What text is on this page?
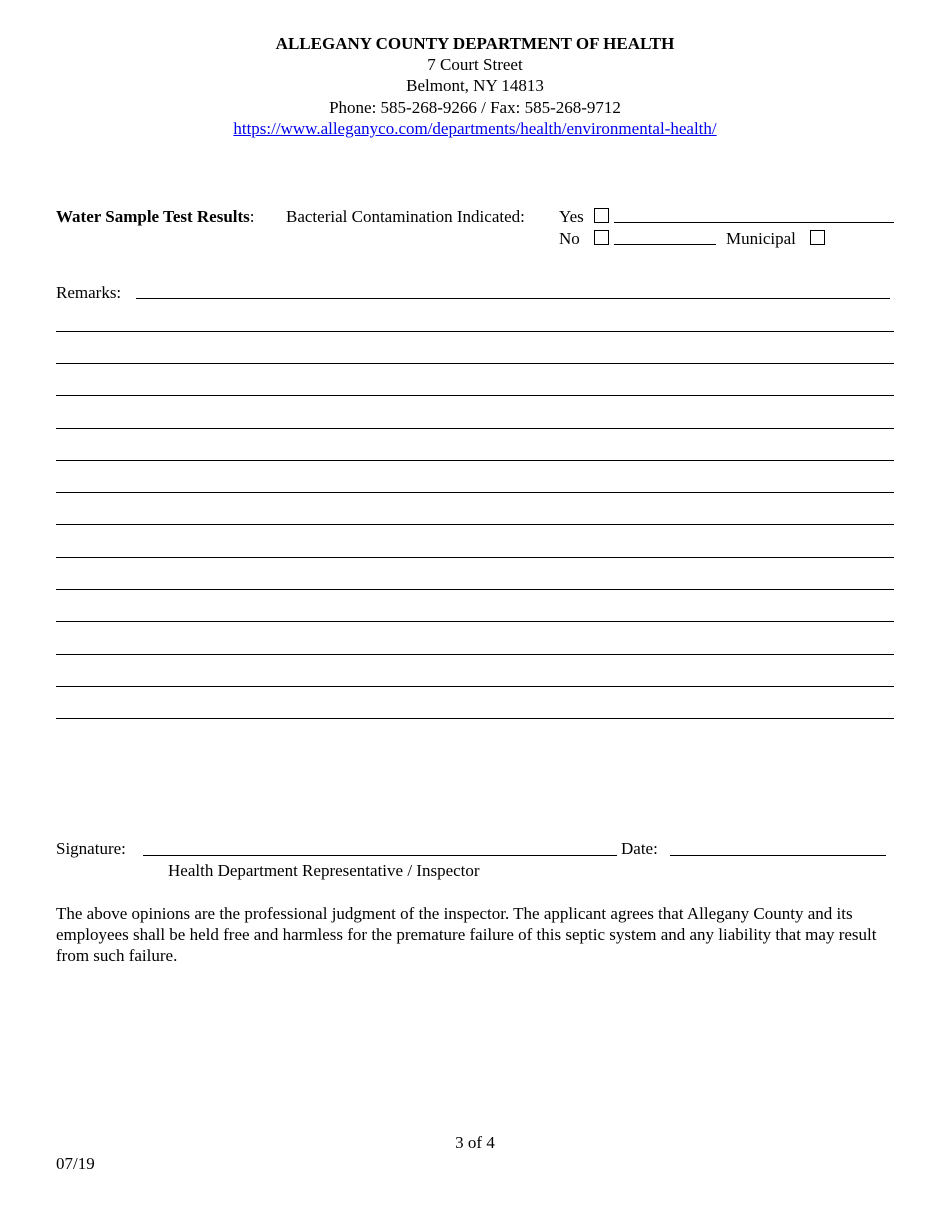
ALLEGANY COUNTY DEPARTMENT OF HEALTH
7 Court Street
Belmont, NY 14813
Phone: 585-268-9266 / Fax: 585-268-9712
https://www.alleganyco.com/departments/health/environmental-health/
Water Sample Test Results: Bacterial Contamination Indicated: Yes
No	Municipal
Remarks:
Signature:	Date:
Health Department Representative / Inspector
The above opinions are the professional judgment of the inspector. The applicant agrees that Allegany County and its employees shall be held free and harmless for the premature failure of this septic system and any liability that may result from such failure.
3 of 4
07/19
